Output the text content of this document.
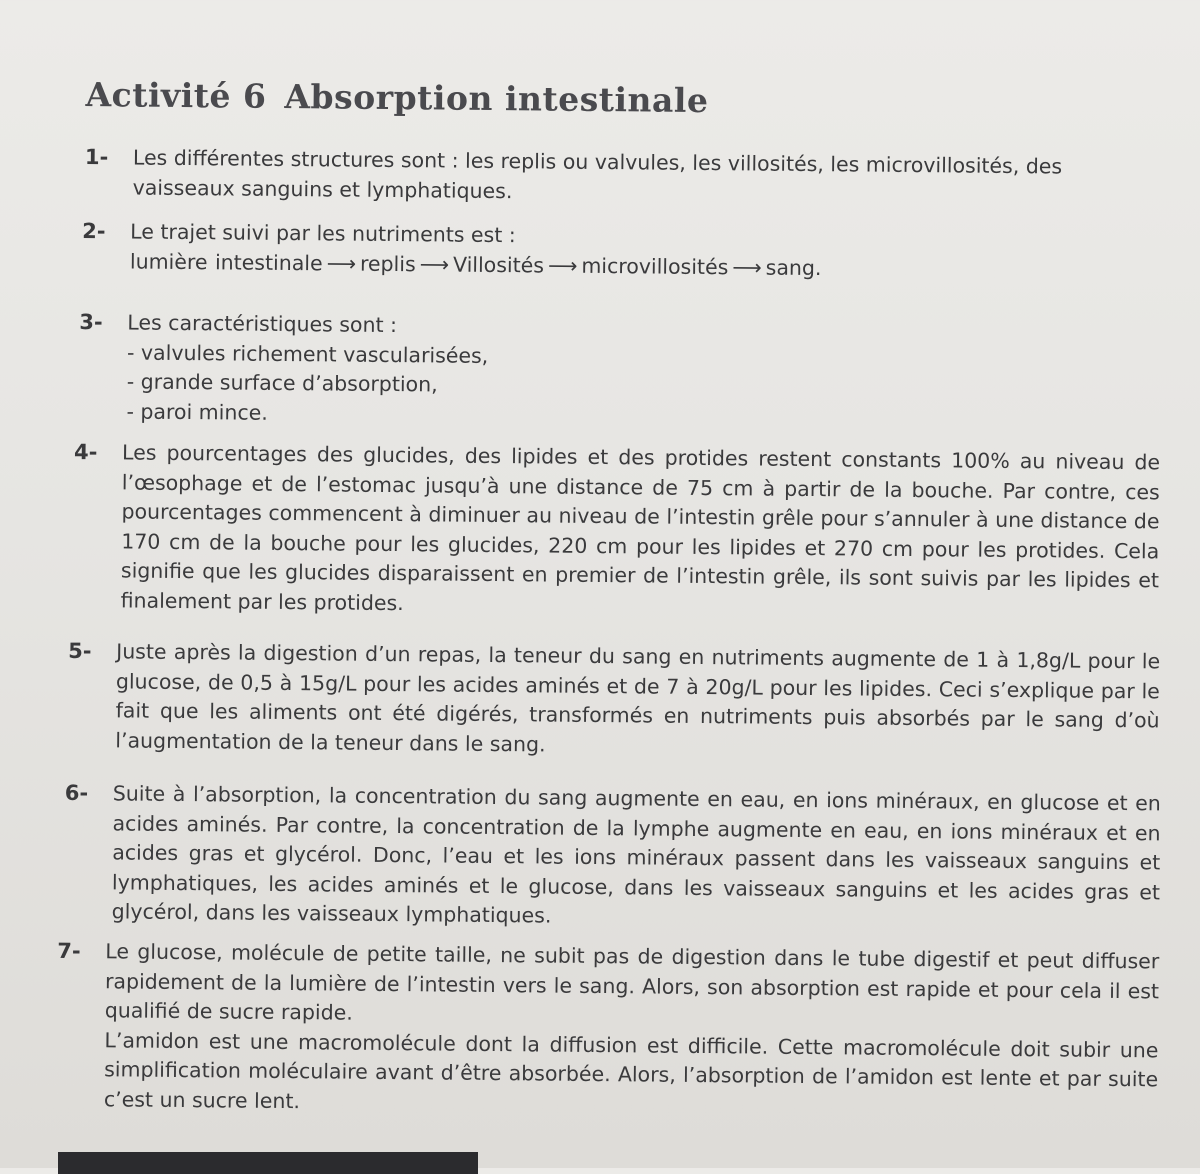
Activité 6 Absorption intestinale
1- Les différentes structures sont : les replis ou valvules, les villosités, les microvillosités, des vaisseaux sanguins et lymphatiques.

2- Le trajet suivi par les nutriments est :

lumière intestinale ⟶ replis ⟶ Villosités ⟶ microvillosités ⟶ sang.

3- Les caractéristiques sont :

- valvules richement vascularisées,

- grande surface d’absorption,

- paroi mince.

4- Les pourcentages des glucides, des lipides et des protides restent constants 100% au niveau de l’œsophage et de l’estomac jusqu’à une distance de 75 cm à partir de la bouche. Par contre, ces pourcentages commencent à diminuer au niveau de l’intestin grêle pour s’annuler à une distance de 170 cm de la bouche pour les glucides, 220 cm pour les lipides et 270 cm pour les protides. Cela signifie que les glucides disparaissent en premier de l’intestin grêle, ils sont suivis par les lipides et finalement par les protides.

5- Juste après la digestion d’un repas, la teneur du sang en nutriments augmente de 1 à 1,8g/L pour le glucose, de 0,5 à 15g/L pour les acides aminés et de 7 à 20g/L pour les lipides. Ceci s’explique par le fait que les aliments ont été digérés, transformés en nutriments puis absorbés par le sang d’où l’augmentation de la teneur dans le sang.

6- Suite à l’absorption, la concentration du sang augmente en eau, en ions minéraux, en glucose et en acides aminés. Par contre, la concentration de la lymphe augmente en eau, en ions minéraux et en acides gras et glycérol. Donc, l’eau et les ions minéraux passent dans les vaisseaux sanguins et lymphatiques, les acides aminés et le glucose, dans les vaisseaux sanguins et les acides gras et glycérol, dans les vaisseaux lymphatiques.

7- Le glucose, molécule de petite taille, ne subit pas de digestion dans le tube digestif et peut diffuser rapidement de la lumière de l’intestin vers le sang. Alors, son absorption est rapide et pour cela il est qualifié de sucre rapide.

L’amidon est une macromolécule dont la diffusion est difficile. Cette macromolécule doit subir une simplification moléculaire avant d’être absorbée. Alors, l’absorption de l’amidon est lente et par suite c’est un sucre lent.
